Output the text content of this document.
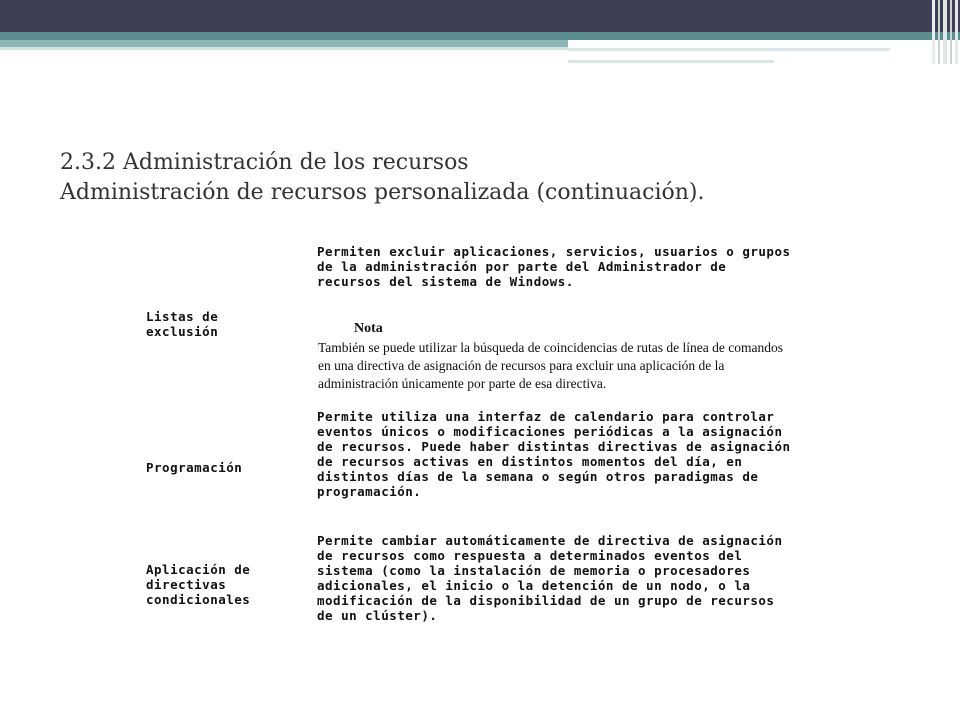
2.3.2 Administración de los recursos
Administración de recursos personalizada (continuación).
Permiten excluir aplicaciones, servicios, usuarios o grupos de la administración por parte del Administrador de recursos del sistema de Windows.
Listas de exclusión	Nota
También se puede utilizar la búsqueda de coincidencias de rutas de línea de comandos en una directiva de asignación de recursos para excluir una aplicación de la administración únicamente por parte de esa directiva.
Permite utiliza una interfaz de calendario para controlar eventos únicos o modificaciones periódicas a la asignación de recursos. Puede haber distintas directivas de asignación de recursos activas en distintos momentos del día, en distintos días de la semana o según otros paradigmas de programación.
Programación
Permite cambiar automáticamente de directiva de asignación de recursos como respuesta a determinados eventos del sistema (como la instalación de memoria o procesadores adicionales, el inicio o la detención de un nodo, o la modificación de la disponibilidad de un grupo de recursos de un clúster).
Aplicación de directivas condicionales
